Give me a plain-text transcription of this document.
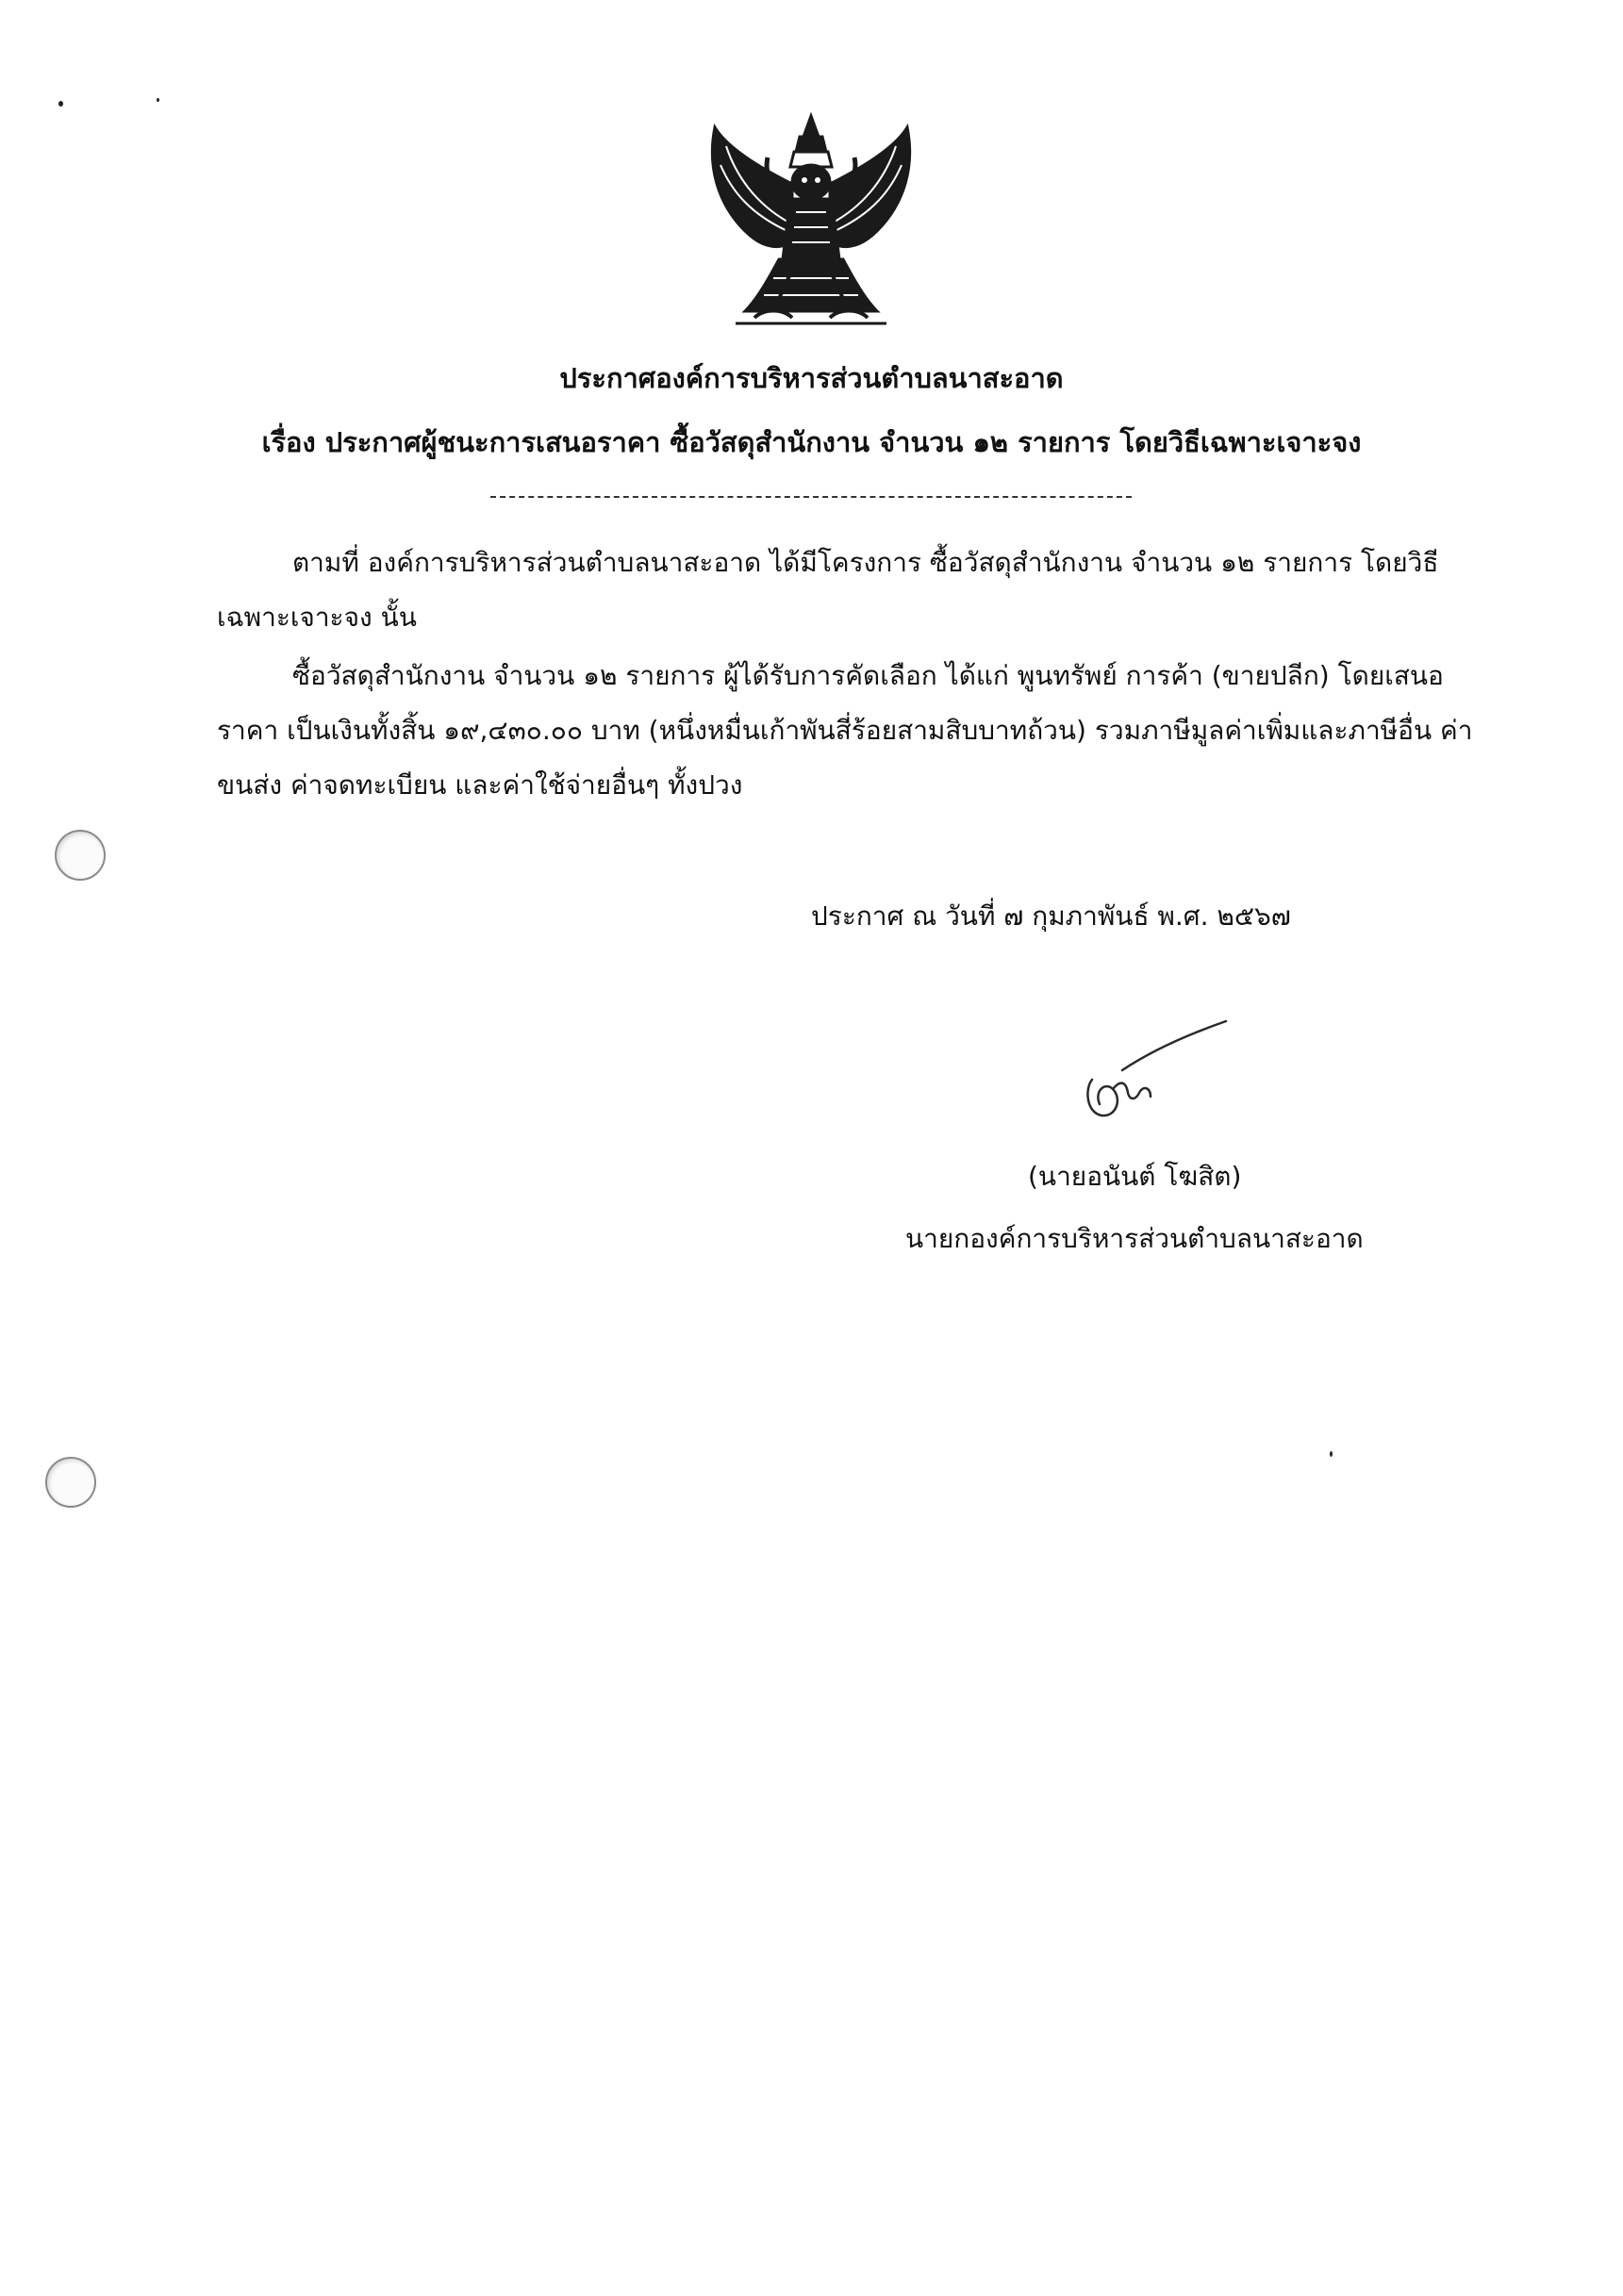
ประกาศองค์การบริหารส่วนตำบลนาสะอาด
เรื่อง ประกาศผู้ชนะการเสนอราคา ซื้อวัสดุสำนักงาน จำนวน ๑๒ รายการ โดยวิธีเฉพาะเจาะจง
ตามที่ องค์การบริหารส่วนตำบลนาสะอาด ได้มีโครงการ ซื้อวัสดุสำนักงาน จำนวน ๑๒ รายการ โดยวิธี
เฉพาะเจาะจง นั้น
ซื้อวัสดุสำนักงาน จำนวน ๑๒ รายการ ผู้ได้รับการคัดเลือก ได้แก่ พูนทรัพย์ การค้า (ขายปลีก) โดยเสนอ
ราคา เป็นเงินทั้งสิ้น ๑๙,๔๓๐.๐๐ บาท (หนึ่งหมื่นเก้าพันสี่ร้อยสามสิบบาทถ้วน) รวมภาษีมูลค่าเพิ่มและภาษีอื่น ค่า
ขนส่ง ค่าจดทะเบียน และค่าใช้จ่ายอื่นๆ ทั้งปวง
ประกาศ ณ วันที่ ๗ กุมภาพันธ์ พ.ศ. ๒๕๖๗
(นายอนันต์ โฆสิต)
นายกองค์การบริหารส่วนตำบลนาสะอาด
